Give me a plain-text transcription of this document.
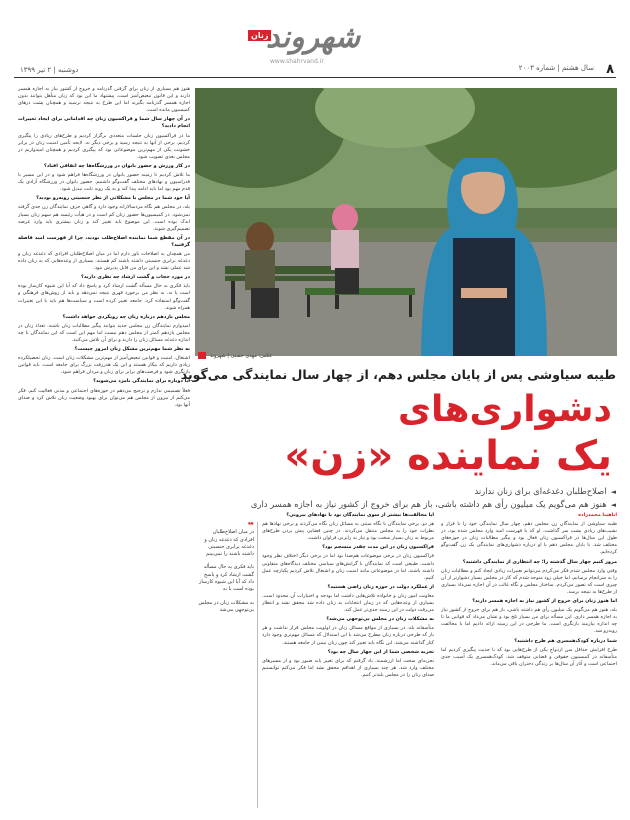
۸
سال هشتم | شماره ۲۰۰۳
دوشنبه | ۲ تیر ۱۳۹۹
زنان
شهروند
www.shahrvand.ir

هنوز هم بسیاری از زنان برای گرفتن گذرنامه و خروج از کشور نیاز به اجازه همسر دارند و این قانون تبعیض‌آمیز است. پیشنهاد ما این بود که زنان متأهل بتوانند بدون اجازه همسر گذرنامه بگیرند اما این طرح به نتیجه نرسید و همچنان پشت درهای کمیسیون مانده است.

در آن چهار سال شما و فراکسیون زنان چه اقداماتی برای ایجاد تغییرات انجام دادید؟

ما در فراکسیون زنان جلسات متعددی برگزار کردیم و طرح‌های زیادی را پیگیری کردیم. برخی از آنها به نتیجه رسید و برخی دیگر نه. لایحه تأمین امنیت زنان در برابر خشونت یکی از مهم‌ترین موضوعاتی بود که پیگیری کردیم و همچنان امیدواریم در مجلس بعدی تصویب شود.

در کار ورزش و حضور بانوان در ورزشگاه‌ها چه اتفاقی افتاد؟

ما تلاش کردیم تا زمینه حضور بانوان در ورزشگاه‌ها فراهم شود و در این مسیر با فدراسیون و نهادهای مختلف گفت‌وگو داشتیم. حضور بانوان در ورزشگاه آزادی یک قدم مهم بود اما باید ادامه پیدا کند و به یک رویه ثابت تبدیل شود.

آیا خود شما در مجلس با مشکلاتی از نظر جنسیتی روبه‌رو بودید؟

بله، در مجلس هم نگاه مردسالارانه وجود دارد و گاهی حرف نمایندگان زن جدی گرفته نمی‌شود. در کمیسیون‌ها حضور زنان کم است و در هیأت رئیسه هم سهم زنان بسیار اندک بوده است. این موضوع باید تغییر کند و زنان بیشتری باید وارد عرصه تصمیم‌گیری شوند.

در آن مقطع شما نماینده اصلاح‌طلب بودید، چرا از فهرست امید فاصله گرفتید؟

من همچنان به اصلاحات باور دارم اما در میان اصلاح‌طلبان افرادی که دغدغه زنان و دغدغه برابری جنسیتی داشته باشند کم هستند. بسیاری از وعده‌هایی که به زنان داده شد عملی نشد و این برای من قابل پذیرش نبود.

در مورد حجاب و گشت ارشاد چه نظری دارید؟

باید فکری به حال مسأله گشت ارشاد کرد و پاسخ داد که آیا این شیوه کارساز بوده است یا نه. به نظر من برخورد قهری نتیجه نمی‌دهد و باید از روش‌های فرهنگی و گفت‌وگو استفاده کرد. جامعه تغییر کرده است و سیاست‌ها هم باید با این تغییرات همراه شوند.

مجلس یازدهم درباره زنان چه رویکردی خواهد داشت؟

امیدوارم نمایندگان زن مجلس جدید بتوانند پیگیر مطالبات زنان باشند. تعداد زنان در مجلس یازدهم کمتر از مجلس دهم نیست اما مهم این است که این نمایندگان تا چه اندازه دغدغه مسائل زنان را دارند و برای آن تلاش می‌کنند.

به نظر شما مهم‌ترین مشکل زنان امروز چیست؟

اشتغال، امنیت و قوانین تبعیض‌آمیز از مهم‌ترین مشکلات زنان است. زنان تحصیلکرده زیادی داریم که بیکار هستند و این یک هدررفت بزرگ برای جامعه است. باید قوانین بازنگری شود و فرصت‌های برابر برای زنان و مردان فراهم شود.

آیا دوباره برای نمایندگی نامزد می‌شوید؟

فعلاً تصمیمی ندارم و ترجیح می‌دهم در حوزه‌های اجتماعی و مدنی فعالیت کنم. فکر می‌کنم از بیرون از مجلس هم می‌توان برای بهبود وضعیت زنان تلاش کرد و صدای آنها بود.

عکس: مهدی حسنی | شهروند
طیبه سیاوشی پس از پایان مجلس دهم، از چهار سال نمایندگی می‌گوید
دشواری‌های
یک نماینده «زن»
◄اصلاح‌طلبان دغدغه‌ای برای زنان ندارند
◄هنوز هم می‌گویم یک میلیون رأی هم داشته باشی، باز هم برای خروج از کشور نیاز به اجازه همسر داری
❝

در میان اصلاح‌طلبان افرادی که دغدغه زنان و دغدغه برابری جنسیتی داشته باشند را نمی‌بینم

باید فکری به حال مسأله گشت ارشاد کرد و پاسخ داد که آیا این شیوه کارساز بوده است یا نه

به مشکلات زنان در مجلس بی‌توجهی می‌شد

آناهیتا محمدزاده

طیبه سیاوشی از نمایندگان زن مجلس دهم، چهار سال نمایندگی خود را با فراز و نشیب‌های زیادی پشت سر گذاشت. او که با فهرست امید وارد مجلس شده بود، در طول این سال‌ها در فراکسیون زنان فعال بود و پیگیر مطالبات زنان در حوزه‌های مختلف شد. با پایان مجلس دهم با او درباره دشواری‌های نمایندگی یک زن گفت‌وگو کرده‌ایم.

مرور کنیم چهار سال گذشته را؛ چه انتظاری از نمایندگی داشتید؟

وقتی وارد مجلس شدم فکر می‌کردم می‌توانم تغییرات زیادی ایجاد کنم و مطالبات زنان را به سرانجام برسانم، اما خیلی زود متوجه شدم که کار در مجلس بسیار دشوارتر از آن چیزی است که تصور می‌کردم. ساختار مجلس و نگاه غالب در آن اجازه نمی‌داد بسیاری از طرح‌ها به نتیجه برسد.

اما هنوز زنان برای خروج از کشور نیاز به اجازه همسر دارند؟

بله، هنوز هم می‌گویم یک میلیون رأی هم داشته باشی، باز هم برای خروج از کشور نیاز به اجازه همسر داری. این مسأله برای من بسیار تلخ بود و نشان می‌داد که قوانین ما تا چه اندازه نیازمند بازنگری است. ما طرحی در این زمینه ارائه دادیم اما با مخالفت روبه‌رو شد.

شما درباره کودک‌همسری هم طرح داشتید؟

طرح افزایش حداقل سن ازدواج یکی از طرح‌هایی بود که با جدیت پیگیری کردیم اما متأسفانه در کمیسیون حقوقی و قضایی متوقف شد. کودک‌همسری یک آسیب جدی اجتماعی است و آثار آن سال‌ها بر زندگی دختران باقی می‌ماند.

آیا مخالفت‌ها بیشتر از سوی نمایندگان بود یا نهادهای بیرونی؟

هر دو. برخی نمایندگان با نگاه سنتی به مسائل زنان نگاه می‌کردند و برخی نهادها هم نظرات خود را به مجلس منتقل می‌کردند. در چنین فضایی پیش بردن طرح‌های مربوط به زنان بسیار سخت بود و نیاز به رایزنی فراوان داشت.

فراکسیون زنان در این مدت چقدر منسجم بود؟

فراکسیون زنان در برخی موضوعات هم‌صدا بود اما در برخی دیگر اختلاف نظر وجود داشت. طبیعی است که نمایندگان با گرایش‌های سیاسی مختلف دیدگاه‌های متفاوتی داشته باشند، اما در موضوعاتی مانند امنیت زنان و اشتغال تلاش کردیم یکپارچه عمل کنیم.

از عملکرد دولت در حوزه زنان راضی هستید؟

معاونت امور زنان و خانواده تلاش‌هایی داشت اما بودجه و اختیارات آن محدود است. بسیاری از وعده‌هایی که در زمان انتخابات به زنان داده شد محقق نشد و انتظار می‌رفت دولت در این زمینه جدی‌تر عمل کند.

به مشکلات زنان در مجلس بی‌توجهی می‌شد؟

متأسفانه بله. در بسیاری از مواقع مسائل زنان در اولویت مجلس قرار نداشت و هر بار که طرحی درباره زنان مطرح می‌شد با این استدلال که مسائل مهم‌تری وجود دارد کنار گذاشته می‌شد. این نگاه باید تغییر کند چون زنان نیمی از جامعه هستند.

تجربه شخصی شما از این چهار سال چه بود؟

تجربه‌ای سخت اما ارزشمند. یاد گرفتم که برای تغییر باید صبور بود و از مسیرهای مختلف وارد شد. هر چند بسیاری از اهدافم محقق نشد اما فکر می‌کنم توانستیم صدای زنان را در مجلس بلندتر کنیم.
